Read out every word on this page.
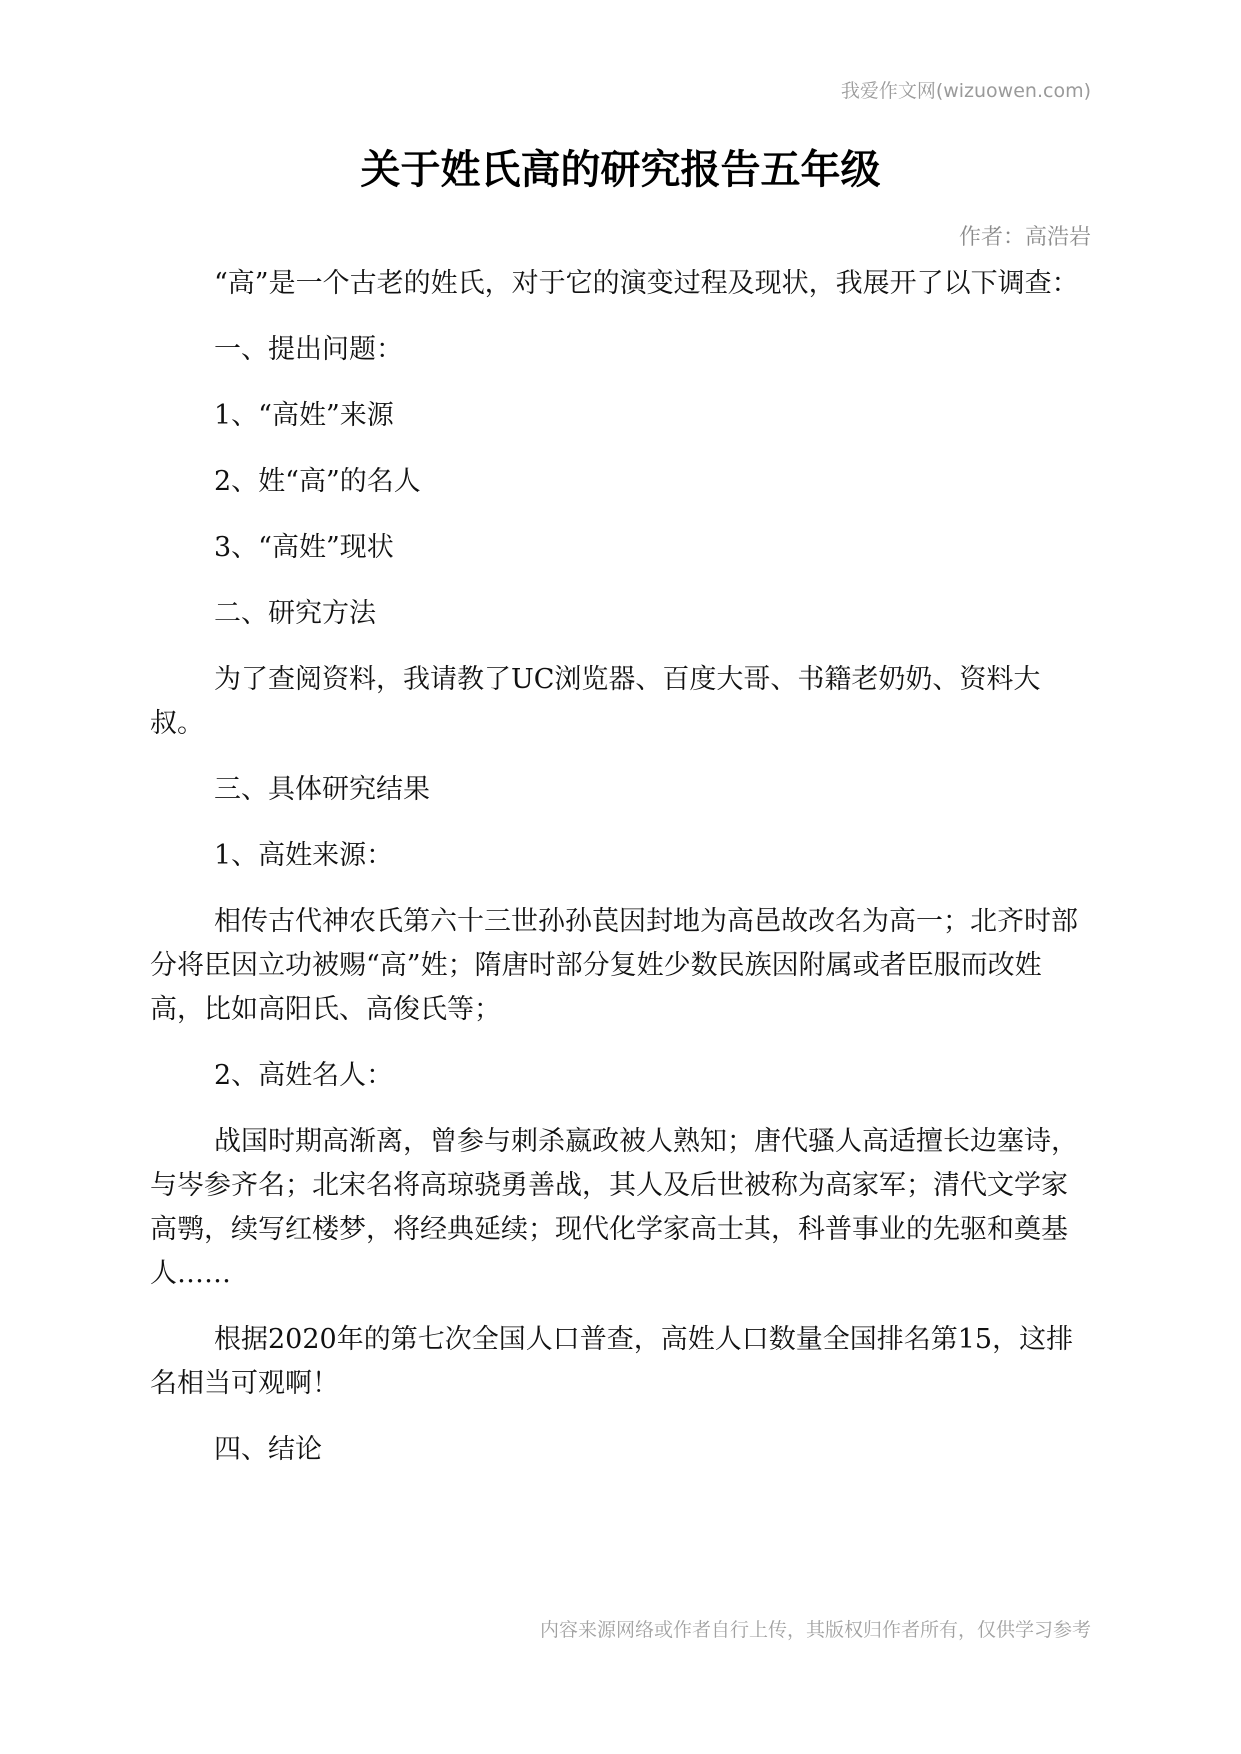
我爱作文网(wizuowen.com)
关于姓氏高的研究报告五年级
作者：高浩岩

“高”是一个古老的姓氏，对于它的演变过程及现状，我展开了以下调查：

一、提出问题：

1、“高姓”来源

2、姓“高”的名人

3、“高姓”现状

二、研究方法

为了查阅资料，我请教了UC浏览器、百度大哥、书籍老奶奶、资料大叔。

三、具体研究结果

1、高姓来源：

相传古代神农氏第六十三世孙孙苠因封地为高邑故改名为高一；北齐时部分将臣因立功被赐“高”姓；隋唐时部分复姓少数民族因附属或者臣服而改姓高，比如高阳氏、高俊氏等；

2、高姓名人：

战国时期高渐离，曾参与刺杀嬴政被人熟知；唐代骚人高适擅长边塞诗，与岑参齐名；北宋名将高琼骁勇善战，其人及后世被称为高家军；清代文学家高鹗，续写红楼梦，将经典延续；现代化学家高士其，科普事业的先驱和奠基人……

根据2020年的第七次全国人口普查，高姓人口数量全国排名第15，这排名相当可观啊！

四、结论

内容来源网络或作者自行上传，其版权归作者所有，仅供学习参考
